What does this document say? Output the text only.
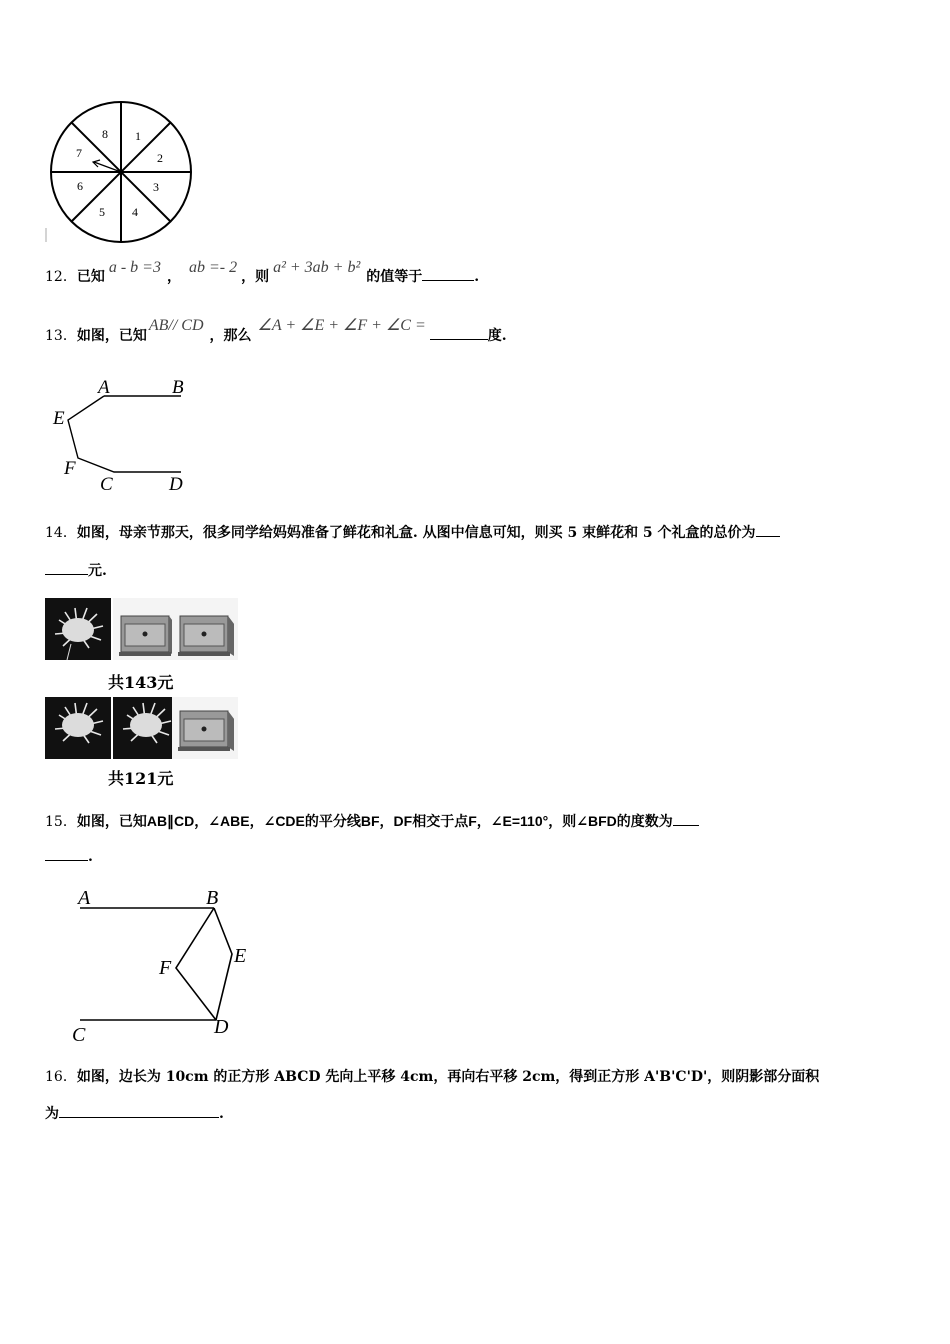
1
2
3
4
5
6
7
8
12．已知a - b =3，ab =- 2，则a² + 3ab + b²的值等于	.
13．如图，已知AB// CD，那么∠A + ∠E + ∠F + ∠C =度.
A	B
E
F
C	D
14．如图，母亲节那天，很多同学给妈妈准备了鲜花和礼盒. 从图中信息可知，则买 5 束鲜花和 5 个礼盒的总价为
元.
共143元
共121元
15．如图，已知AB∥CD，∠ABE，∠CDE的平分线BF，DF相交于点F，∠E=110°，则∠BFD的度数为
.
A	B
E
F
C	D
16．如图，边长为 10cm 的正方形 ABCD 先向上平移 4cm，再向右平移 2cm，得到正方形 A'B'C'D'，则阴影部分面积
为	.
